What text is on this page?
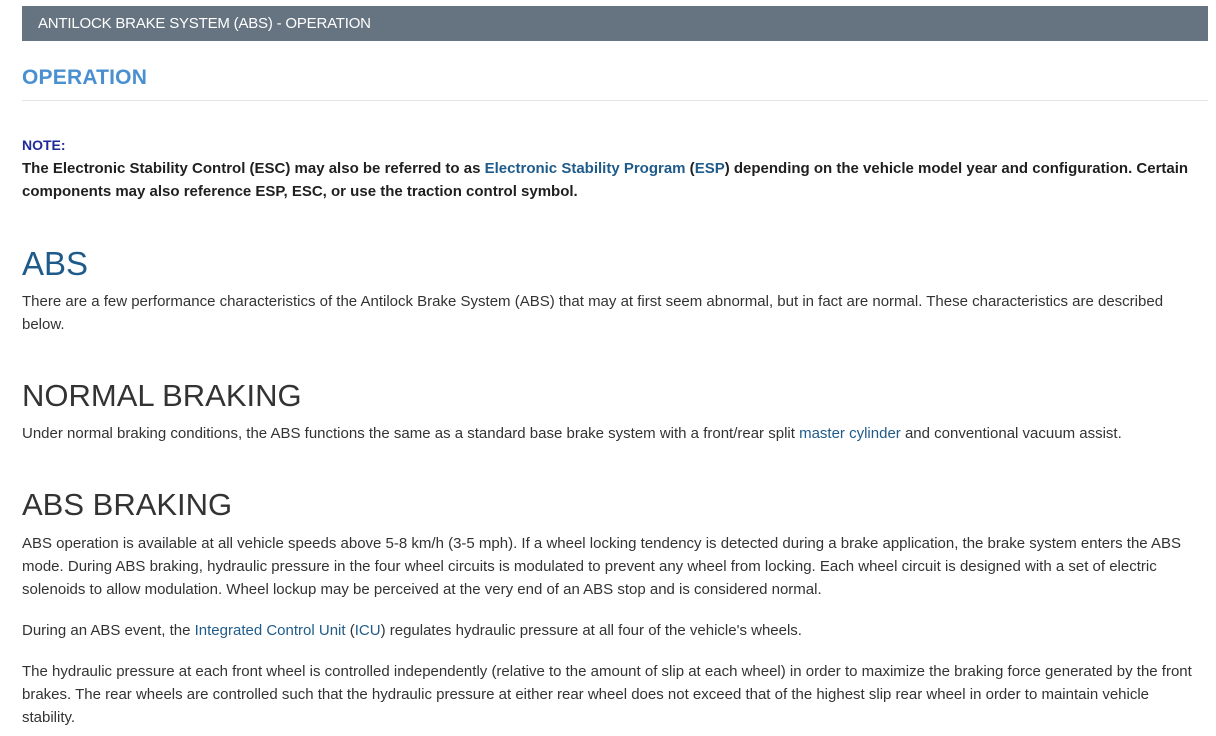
ANTILOCK BRAKE SYSTEM (ABS) - OPERATION
OPERATION
NOTE:

The Electronic Stability Control (ESC) may also be referred to as Electronic Stability Program (ESP) depending on the vehicle model year and configuration. Certain components may also reference ESP, ESC, or use the traction control symbol.

ABS

There are a few performance characteristics of the Antilock Brake System (ABS) that may at first seem abnormal, but in fact are normal. These characteristics are described below.

NORMAL BRAKING

Under normal braking conditions, the ABS functions the same as a standard base brake system with a front/rear split master cylinder and conventional vacuum assist.

ABS BRAKING

ABS operation is available at all vehicle speeds above 5-8 km/h (3-5 mph). If a wheel locking tendency is detected during a brake application, the brake system enters the ABS mode. During ABS braking, hydraulic pressure in the four wheel circuits is modulated to prevent any wheel from locking. Each wheel circuit is designed with a set of electric solenoids to allow modulation. Wheel lockup may be perceived at the very end of an ABS stop and is considered normal.

During an ABS event, the Integrated Control Unit (ICU) regulates hydraulic pressure at all four of the vehicle's wheels.

The hydraulic pressure at each front wheel is controlled independently (relative to the amount of slip at each wheel) in order to maximize the braking force generated by the front brakes. The rear wheels are controlled such that the hydraulic pressure at either rear wheel does not exceed that of the highest slip rear wheel in order to maintain vehicle stability.
